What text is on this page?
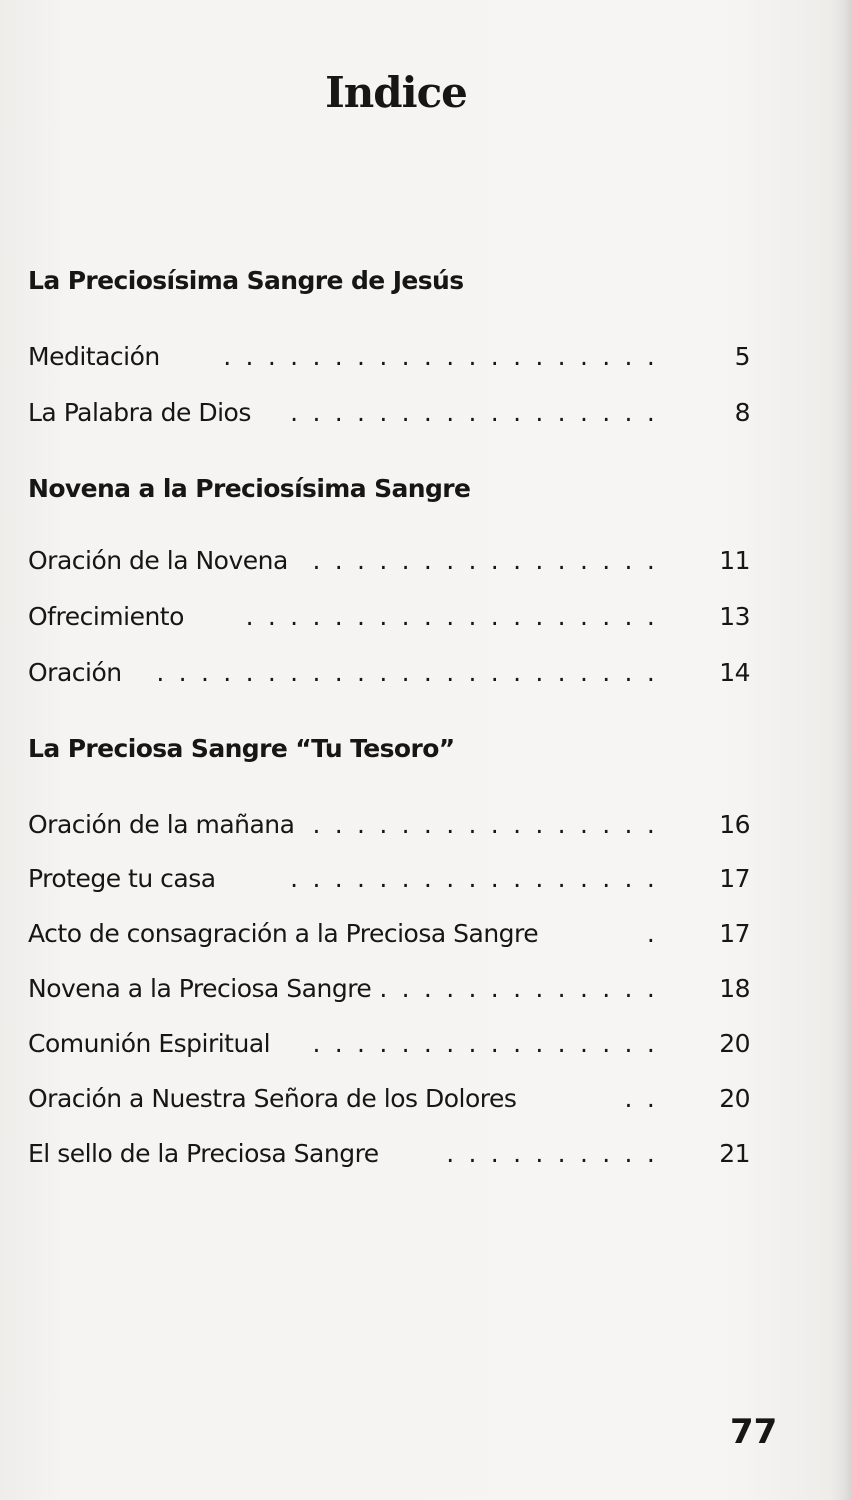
Indice
La Preciosísima Sangre de Jesús
Meditación	. . . . . . . . . . . . . . . . . . . .	5
La Palabra de Dios . . . . . . . . . . . . . . . . .	8
Novena a la Preciosísima Sangre
Oración de la Novena . . . . . . . . . . . . . . . . 11
Ofrecimiento . . . . . . . . . . . . . . . . . . . 13
Oración . . . . . . . . . . . . . . . . . . . . . . . 14
La Preciosa Sangre “Tu Tesoro”
Oración de la mañana . . . . . . . . . . . . . . . . 16
Protege tu casa	. . . . . . . . . . . . . . . . . 17
Acto de consagración a la Preciosa Sangre	. 17
Novena a la Preciosa Sangre . . . . . . . . . . . . . 18
Comunión Espiritual . . . . . . . . . . . . . . . . 20
Oración a Nuestra Señora de los Dolores	. . 20
El sello de la Preciosa Sangre	. . . . . . . . . . 21
77
